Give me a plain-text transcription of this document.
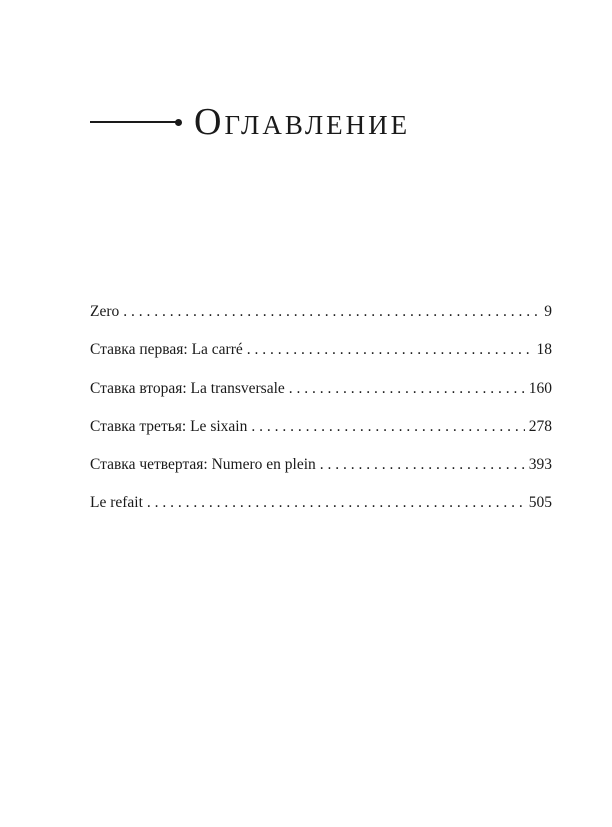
Оглавление
Zero . . .	9
Ставка первая: La carré . . .	18
Ставка вторая: La transversale . . .	160
Ставка третья: Le sixain . . .	278
Ставка четвертая: Numero en plein . . .	393
Le refait . . .	505
